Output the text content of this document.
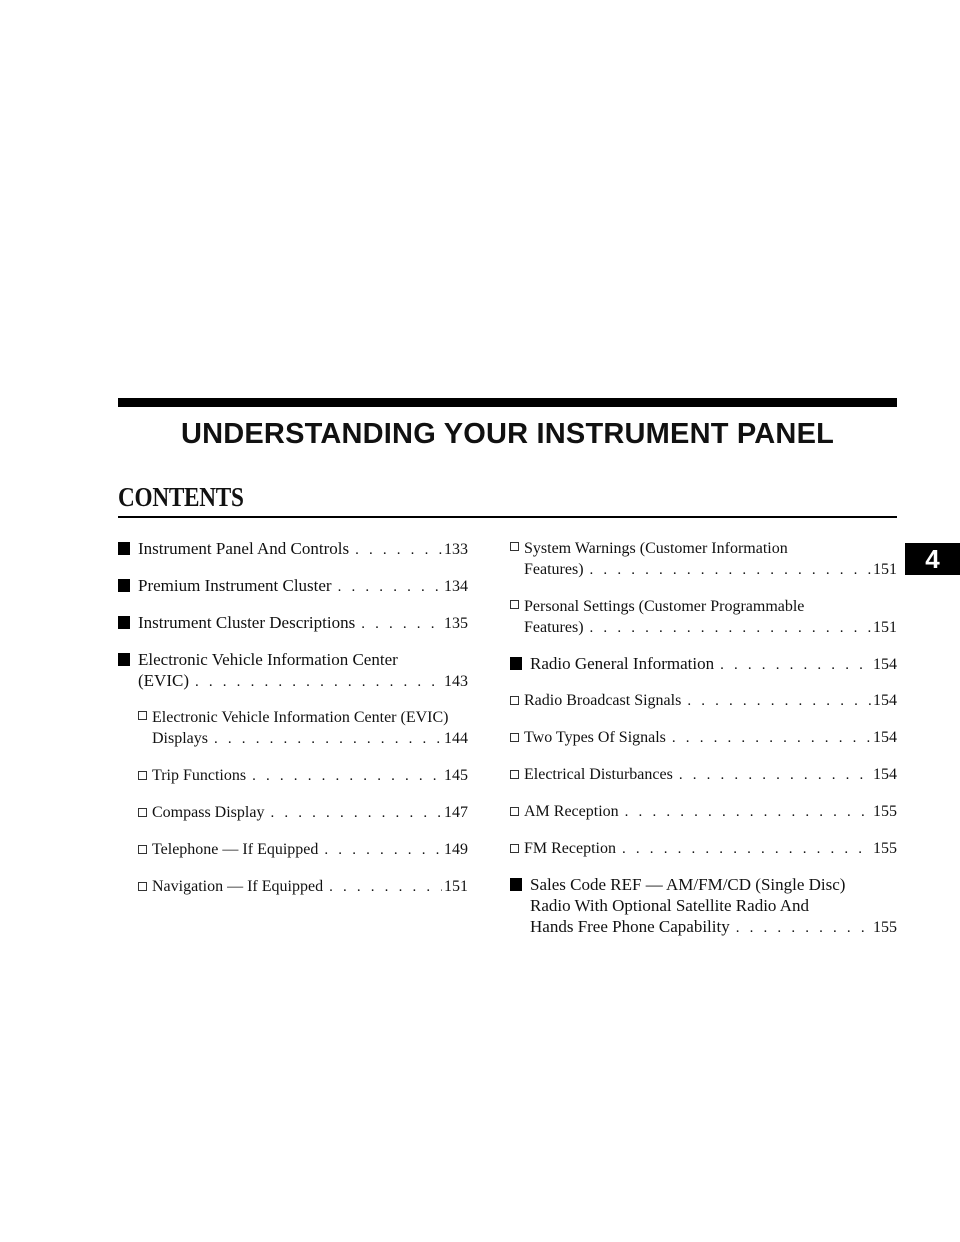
UNDERSTANDING YOUR INSTRUMENT PANEL
CONTENTS
Instrument Panel And Controls . . .	133
Premium Instrument Cluster . . .	134
Instrument Cluster Descriptions . . .	135
Electronic Vehicle Information Center
(EVIC) . . .	143
Electronic Vehicle Information Center (EVIC)
Displays . . .	144
Trip Functions . . .	145
Compass Display . . .	147
Telephone — If Equipped . . .	149
Navigation — If Equipped . . .	151
System Warnings (Customer Information
Features) . . .	151
Personal Settings (Customer Programmable
Features) . . .	151
Radio General Information . . .	154
Radio Broadcast Signals . . .	154
Two Types Of Signals . . .	154
Electrical Disturbances . . .	154
AM Reception . . .	155
FM Reception . . .	155
Sales Code REF — AM/FM/CD (Single Disc)
Radio With Optional Satellite Radio And
Hands Free Phone Capability . . .	155
4
